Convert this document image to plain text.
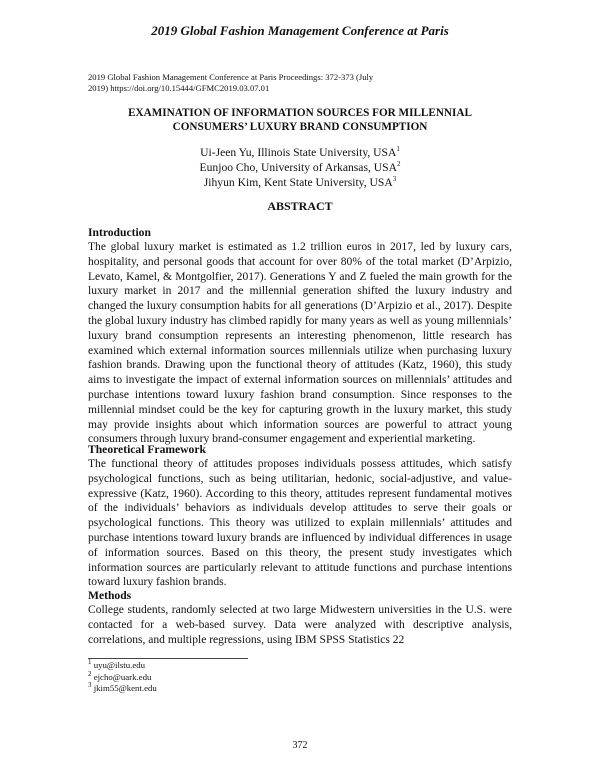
2019 Global Fashion Management Conference at Paris
2019 Global Fashion Management Conference at Paris Proceedings: 372-373 (July
2019) https://doi.org/10.15444/GFMC2019.03.07.01
EXAMINATION OF INFORMATION SOURCES FOR MILLENNIAL
CONSUMERS’ LUXURY BRAND CONSUMPTION
Ui-Jeen Yu, Illinois State University, USA$^1$
Eunjoo Cho, University of Arkansas, USA$^2$
Jihyun Kim, Kent State University, USA$^3$
ABSTRACT
Introduction
The global luxury market is estimated as 1.2 trillion euros in 2017, led by luxury cars, hospitality, and personal goods that account for over 80% of the total market (D’Arpizio, Levato, Kamel, & Montgolfier, 2017). Generations Y and Z fueled the main growth for the luxury market in 2017 and the millennial generation shifted the luxury industry and changed the luxury consumption habits for all generations (D’Arpizio et al., 2017). Despite the global luxury industry has climbed rapidly for many years as well as young millennials’ luxury brand consumption represents an interesting phenomenon, little research has examined which external information sources millennials utilize when purchasing luxury fashion brands. Drawing upon the functional theory of attitudes (Katz, 1960), this study aims to investigate the impact of external information sources on millennials’ attitudes and purchase intentions toward luxury fashion brand consumption. Since responses to the millennial mindset could be the key for capturing growth in the luxury market, this study may provide insights about which information sources are powerful to attract young consumers through luxury brand-consumer engagement and experiential marketing.
Theoretical Framework
The functional theory of attitudes proposes individuals possess attitudes, which satisfy psychological functions, such as being utilitarian, hedonic, social-adjustive, and value-expressive (Katz, 1960). According to this theory, attitudes represent fundamental motives of the individuals’ behaviors as individuals develop attitudes to serve their goals or psychological functions. This theory was utilized to explain millennials’ attitudes and purchase intentions toward luxury brands are influenced by individual differences in usage of information sources. Based on this theory, the present study investigates which information sources are particularly relevant to attitude functions and purchase intentions toward luxury fashion brands.
Methods
College students, randomly selected at two large Midwestern universities in the U.S. were contacted for a web-based survey. Data were analyzed with descriptive analysis, correlations, and multiple regressions, using IBM SPSS Statistics 22
$^1$ uyu@ilstu.edu
$^2$ ejcho@uark.edu
$^3$ jkim55@kent.edu
372
